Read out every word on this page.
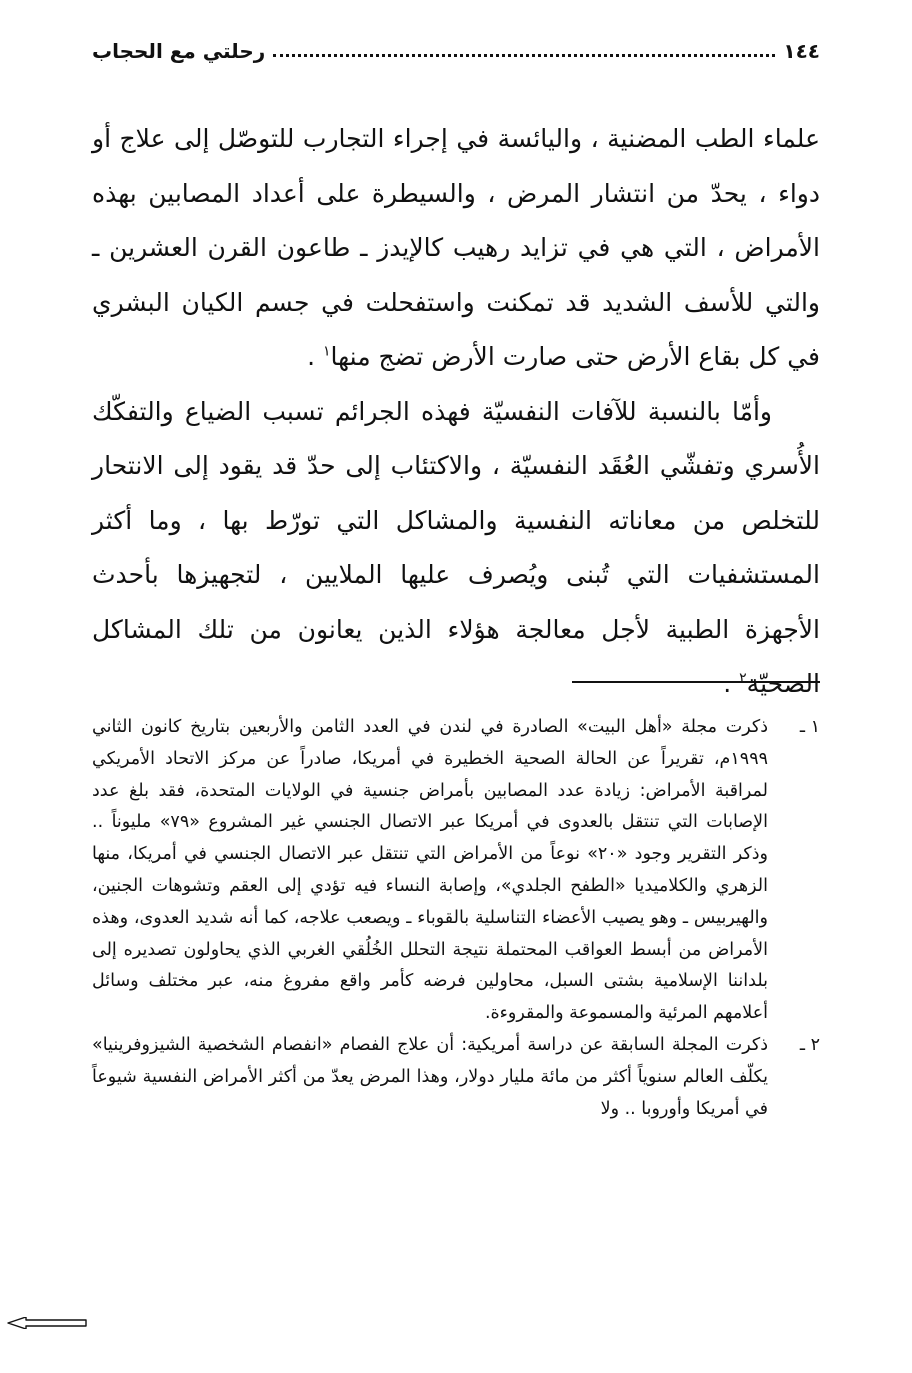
١٤٤
رحلتي مع الحجاب

علماء الطب المضنية ، واليائسة في إجراء التجارب للتوصّل إلى علاج أو دواء ، يحدّ من انتشار المرض ، والسيطرة على أعداد المصابين بهذه الأمراض ، التي هي في تزايد رهيب كالإيدز ـ طاعون القرن العشرين ـ والتي للأسف الشديد قد تمكنت واستفحلت في جسم الكيان البشري في كل بقاع الأرض حتى صارت الأرض تضج منها$^١$ .

وأمّا بالنسبة للآفات النفسيّة فهذه الجرائم تسبب الضياع والتفكّك الأُسري وتفشّي العُقَد النفسيّة ، والاكتئاب إلى حدّ قد يقود إلى الانتحار للتخلص من معاناته النفسية والمشاكل التي تورّط بها ، وما أكثر المستشفيات التي تُبنى ويُصرف عليها الملايين ، لتجهيزها بأحدث الأجهزة الطبية لأجل معالجة هؤلاء الذين يعانون من تلك المشاكل الصحيّة$^٢$ .

١ ـ
ذكرت مجلة «أهل البيت» الصادرة في لندن في العدد الثامن والأربعين بتاريخ كانون الثاني ١٩٩٩م، تقريراً عن الحالة الصحية الخطيرة في أمريكا، صادراً عن مركز الاتحاد الأمريكي لمراقبة الأمراض: زيادة عدد المصابين بأمراض جنسية في الولايات المتحدة، فقد بلغ عدد الإصابات التي تنتقل بالعدوى في أمريكا عبر الاتصال الجنسي غير المشروع «٧٩» مليوناً .. وذكر التقرير وجود «٢٠» نوعاً من الأمراض التي تنتقل عبر الاتصال الجنسي في أمريكا، منها الزهري والكلاميديا «الطفح الجلدي»، وإصابة النساء فيه تؤدي إلى العقم وتشوهات الجنين، والهيربيس ـ وهو يصيب الأعضاء التناسلية بالقوباء ـ ويصعب علاجه، كما أنه شديد العدوى، وهذه الأمراض من أبسط العواقب المحتملة نتيجة التحلل الخُلُقي الغربي الذي يحاولون تصديره إلى بلداننا الإسلامية بشتى السبل، محاولين فرضه كأمر واقع مفروغ منه، عبر مختلف وسائل أعلامهم المرئية والمسموعة والمقروءة.
٢ ـ
ذكرت المجلة السابقة عن دراسة أمريكية: أن علاج الفصام «انفصام الشخصية الشيزوفرينيا» يكلّف العالم سنوياً أكثر من مائة مليار دولار، وهذا المرض يعدّ من أكثر الأمراض النفسية شيوعاً في أمريكا وأوروبا .. ولا
